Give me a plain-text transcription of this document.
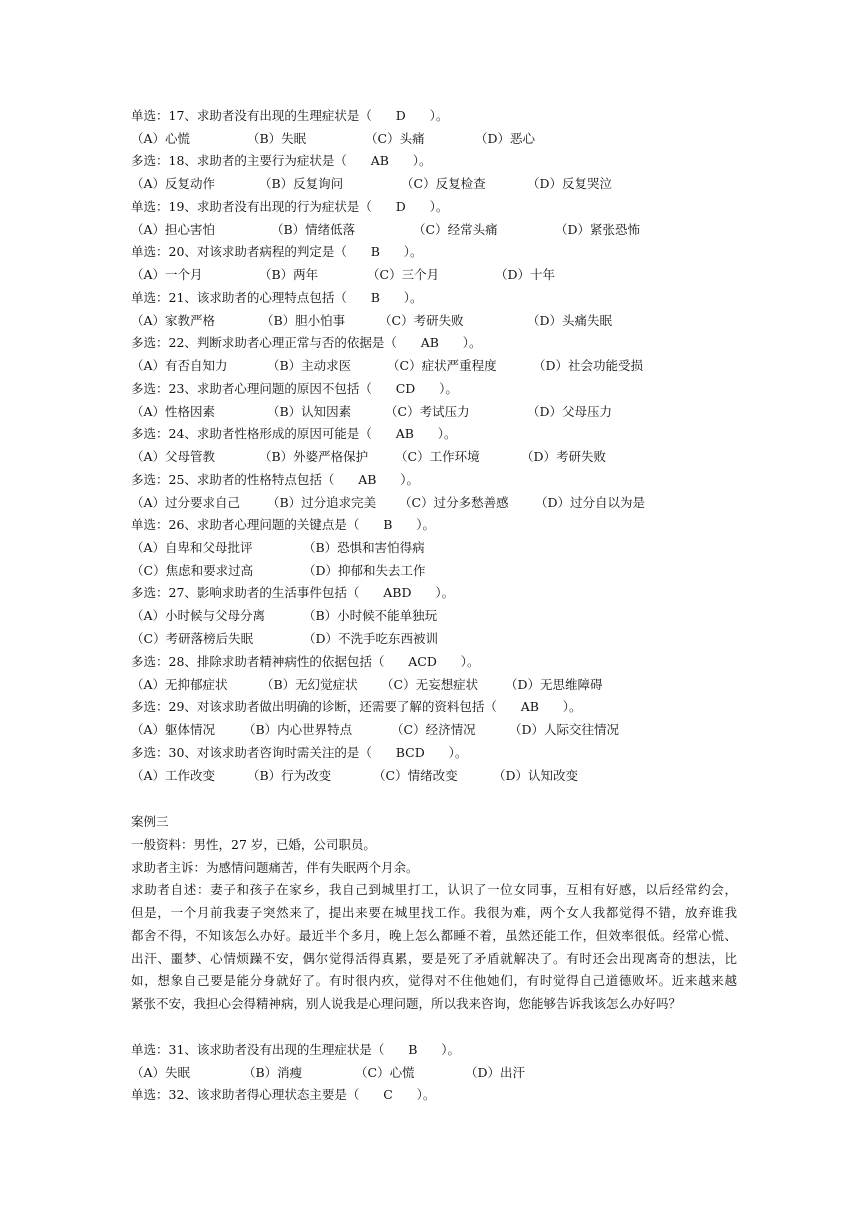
单选：17、求助者没有出现的生理症状是（      D      ）。

（A）心慌

	（B）失眠

	（C）头痛

	（D）恶心

多选：18、求助者的主要行为症状是（      AB      ）。

（A）反复动作

	（B）反复询问

	（C）反复检查

	（D）反复哭泣

单选：19、求助者没有出现的行为症状是（      D      ）。

（A）担心害怕

	（B）情绪低落

	（C）经常头痛

	（D）紧张恐怖

单选：20、对该求助者病程的判定是（      B      ）。

（A）一个月

	（B）两年

	（C）三个月

	（D）十年

单选：21、该求助者的心理特点包括（      B      ）。

（A）家教严格

	（B）胆小怕事

	（C）考研失败

	（D）头痛失眠

多选：22、判断求助者心理正常与否的依据是（      AB      ）。

（A）有否自知力

	（B）主动求医

	（C）症状严重程度

	（D）社会功能受损

多选：23、求助者心理问题的原因不包括（      CD      ）。

（A）性格因素

	（B）认知因素

	（C）考试压力

	（D）父母压力

多选：24、求助者性格形成的原因可能是（      AB      ）。

（A）父母管教

	（B）外婆严格保护

（C）工作环境

	（D）考研失败

多选：25、求助者的性格特点包括（      AB      ）。

（A）过分要求自己

（B）过分追求完美

（C）过分多愁善感

（D）过分自以为是

单选：26、求助者心理问题的关键点是（      B      ）。

（A）自卑和父母批评

	（B）恐惧和害怕得病

（C）焦虑和要求过高

	（D）抑郁和失去工作

多选：27、影响求助者的生活事件包括（      ABD      ）。

（A）小时候与父母分离

	（B）小时候不能单独玩

（C）考研落榜后失眠

	（D）不洗手吃东西被训

多选：28、排除求助者精神病性的依据包括（      ACD      ）。

（A）无抑郁症状

	（B）无幻觉症状

（C）无妄想症状

（D）无思维障碍

多选：29、对该求助者做出明确的诊断，还需要了解的资料包括（      AB      ）。

（A）躯体情况

（B）内心世界特点

	（C）经济情况

	（D）人际交往情况

多选：30、对该求助者咨询时需关注的是（      BCD      ）。

（A）工作改变

	（B）行为改变

	（C）情绪改变

	（D）认知改变

案例三
一般资料：男性，27 岁，已婚，公司职员。
求助者主诉：为感情问题痛苦，伴有失眠两个月余。
求助者自述：妻子和孩子在家乡，我自己到城里打工，认识了一位女同事，互相有好感，以后经常约会，
但是，一个月前我妻子突然来了，提出来要在城里找工作。我很为难，两个女人我都觉得不错，放弃谁我
都舍不得，不知该怎么办好。最近半个多月，晚上怎么都睡不着，虽然还能工作，但效率很低。经常心慌、
出汗、噩梦、心情烦躁不安，偶尔觉得活得真累，要是死了矛盾就解决了。有时还会出现离奇的想法，比
如，想象自己要是能分身就好了。有时很内疚，觉得对不住他她们，有时觉得自己道德败坏。近来越来越
紧张不安，我担心会得精神病，别人说我是心理问题，所以我来咨询，您能够告诉我该怎么办好吗？
单选：31、该求助者没有出现的生理症状是（      B      ）。

（A）失眠

	（B）消瘦

	（C）心慌

	（D）出汗

单选：32、该求助者得心理状态主要是（      C      ）。
